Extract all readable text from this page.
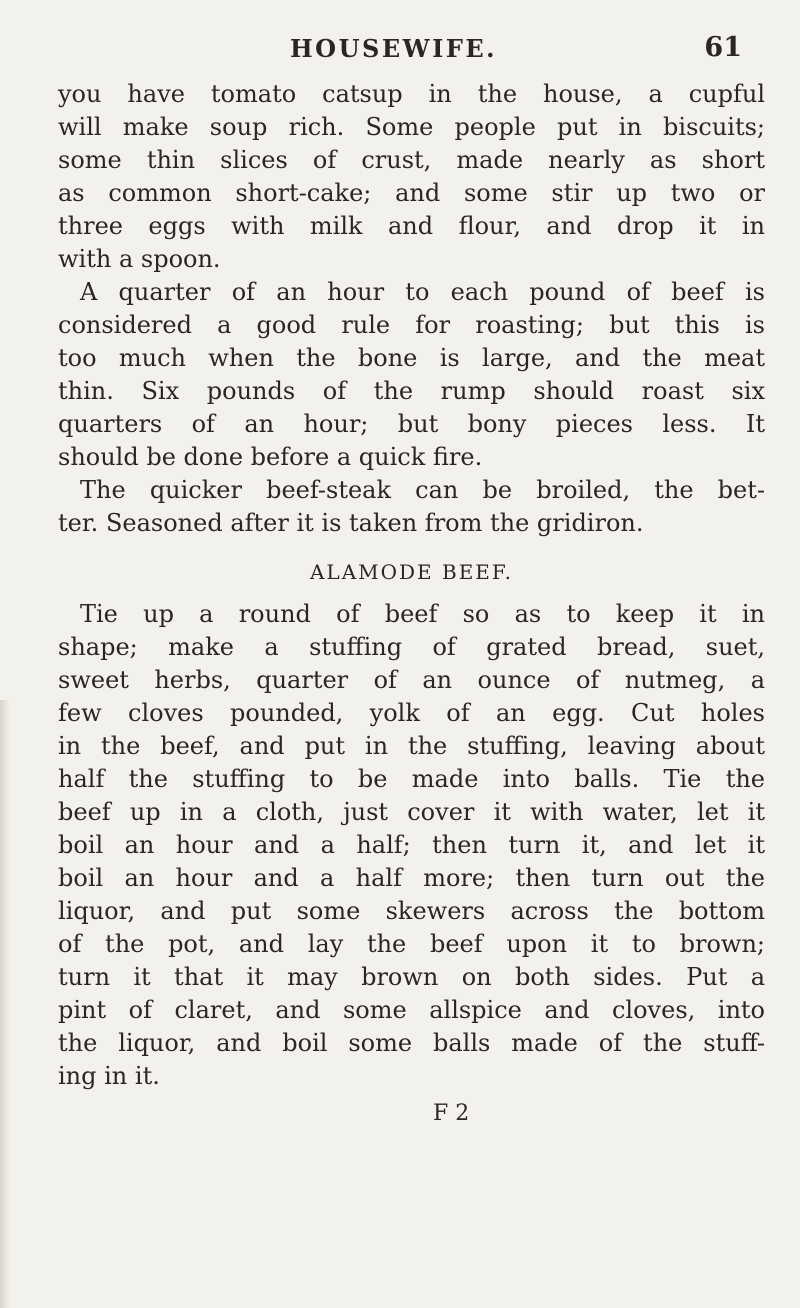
HOUSEWIFE.	61
you have tomato catsup in the house, a cupful
will make soup rich. Some people put in biscuits;
some thin slices of crust, made nearly as short
as common short-cake; and some stir up two or
three eggs with milk and flour, and drop it in
with a spoon.
A quarter of an hour to each pound of beef is
considered a good rule for roasting; but this is
too much when the bone is large, and the meat
thin. Six pounds of the rump should roast six
quarters of an hour; but bony pieces less. It
should be done before a quick fire.
The quicker beef-steak can be broiled, the bet-
ter. Seasoned after it is taken from the gridiron.
ALAMODE BEEF.
Tie up a round of beef so as to keep it in
shape; make a stuffing of grated bread, suet,
sweet herbs, quarter of an ounce of nutmeg, a
few cloves pounded, yolk of an egg. Cut holes
in the beef, and put in the stuffing, leaving about
half the stuffing to be made into balls. Tie the
beef up in a cloth, just cover it with water, let it
boil an hour and a half; then turn it, and let it
boil an hour and a half more; then turn out the
liquor, and put some skewers across the bottom
of the pot, and lay the beef upon it to brown;
turn it that it may brown on both sides. Put a
pint of claret, and some allspice and cloves, into
the liquor, and boil some balls made of the stuff-
ing in it.
F 2
